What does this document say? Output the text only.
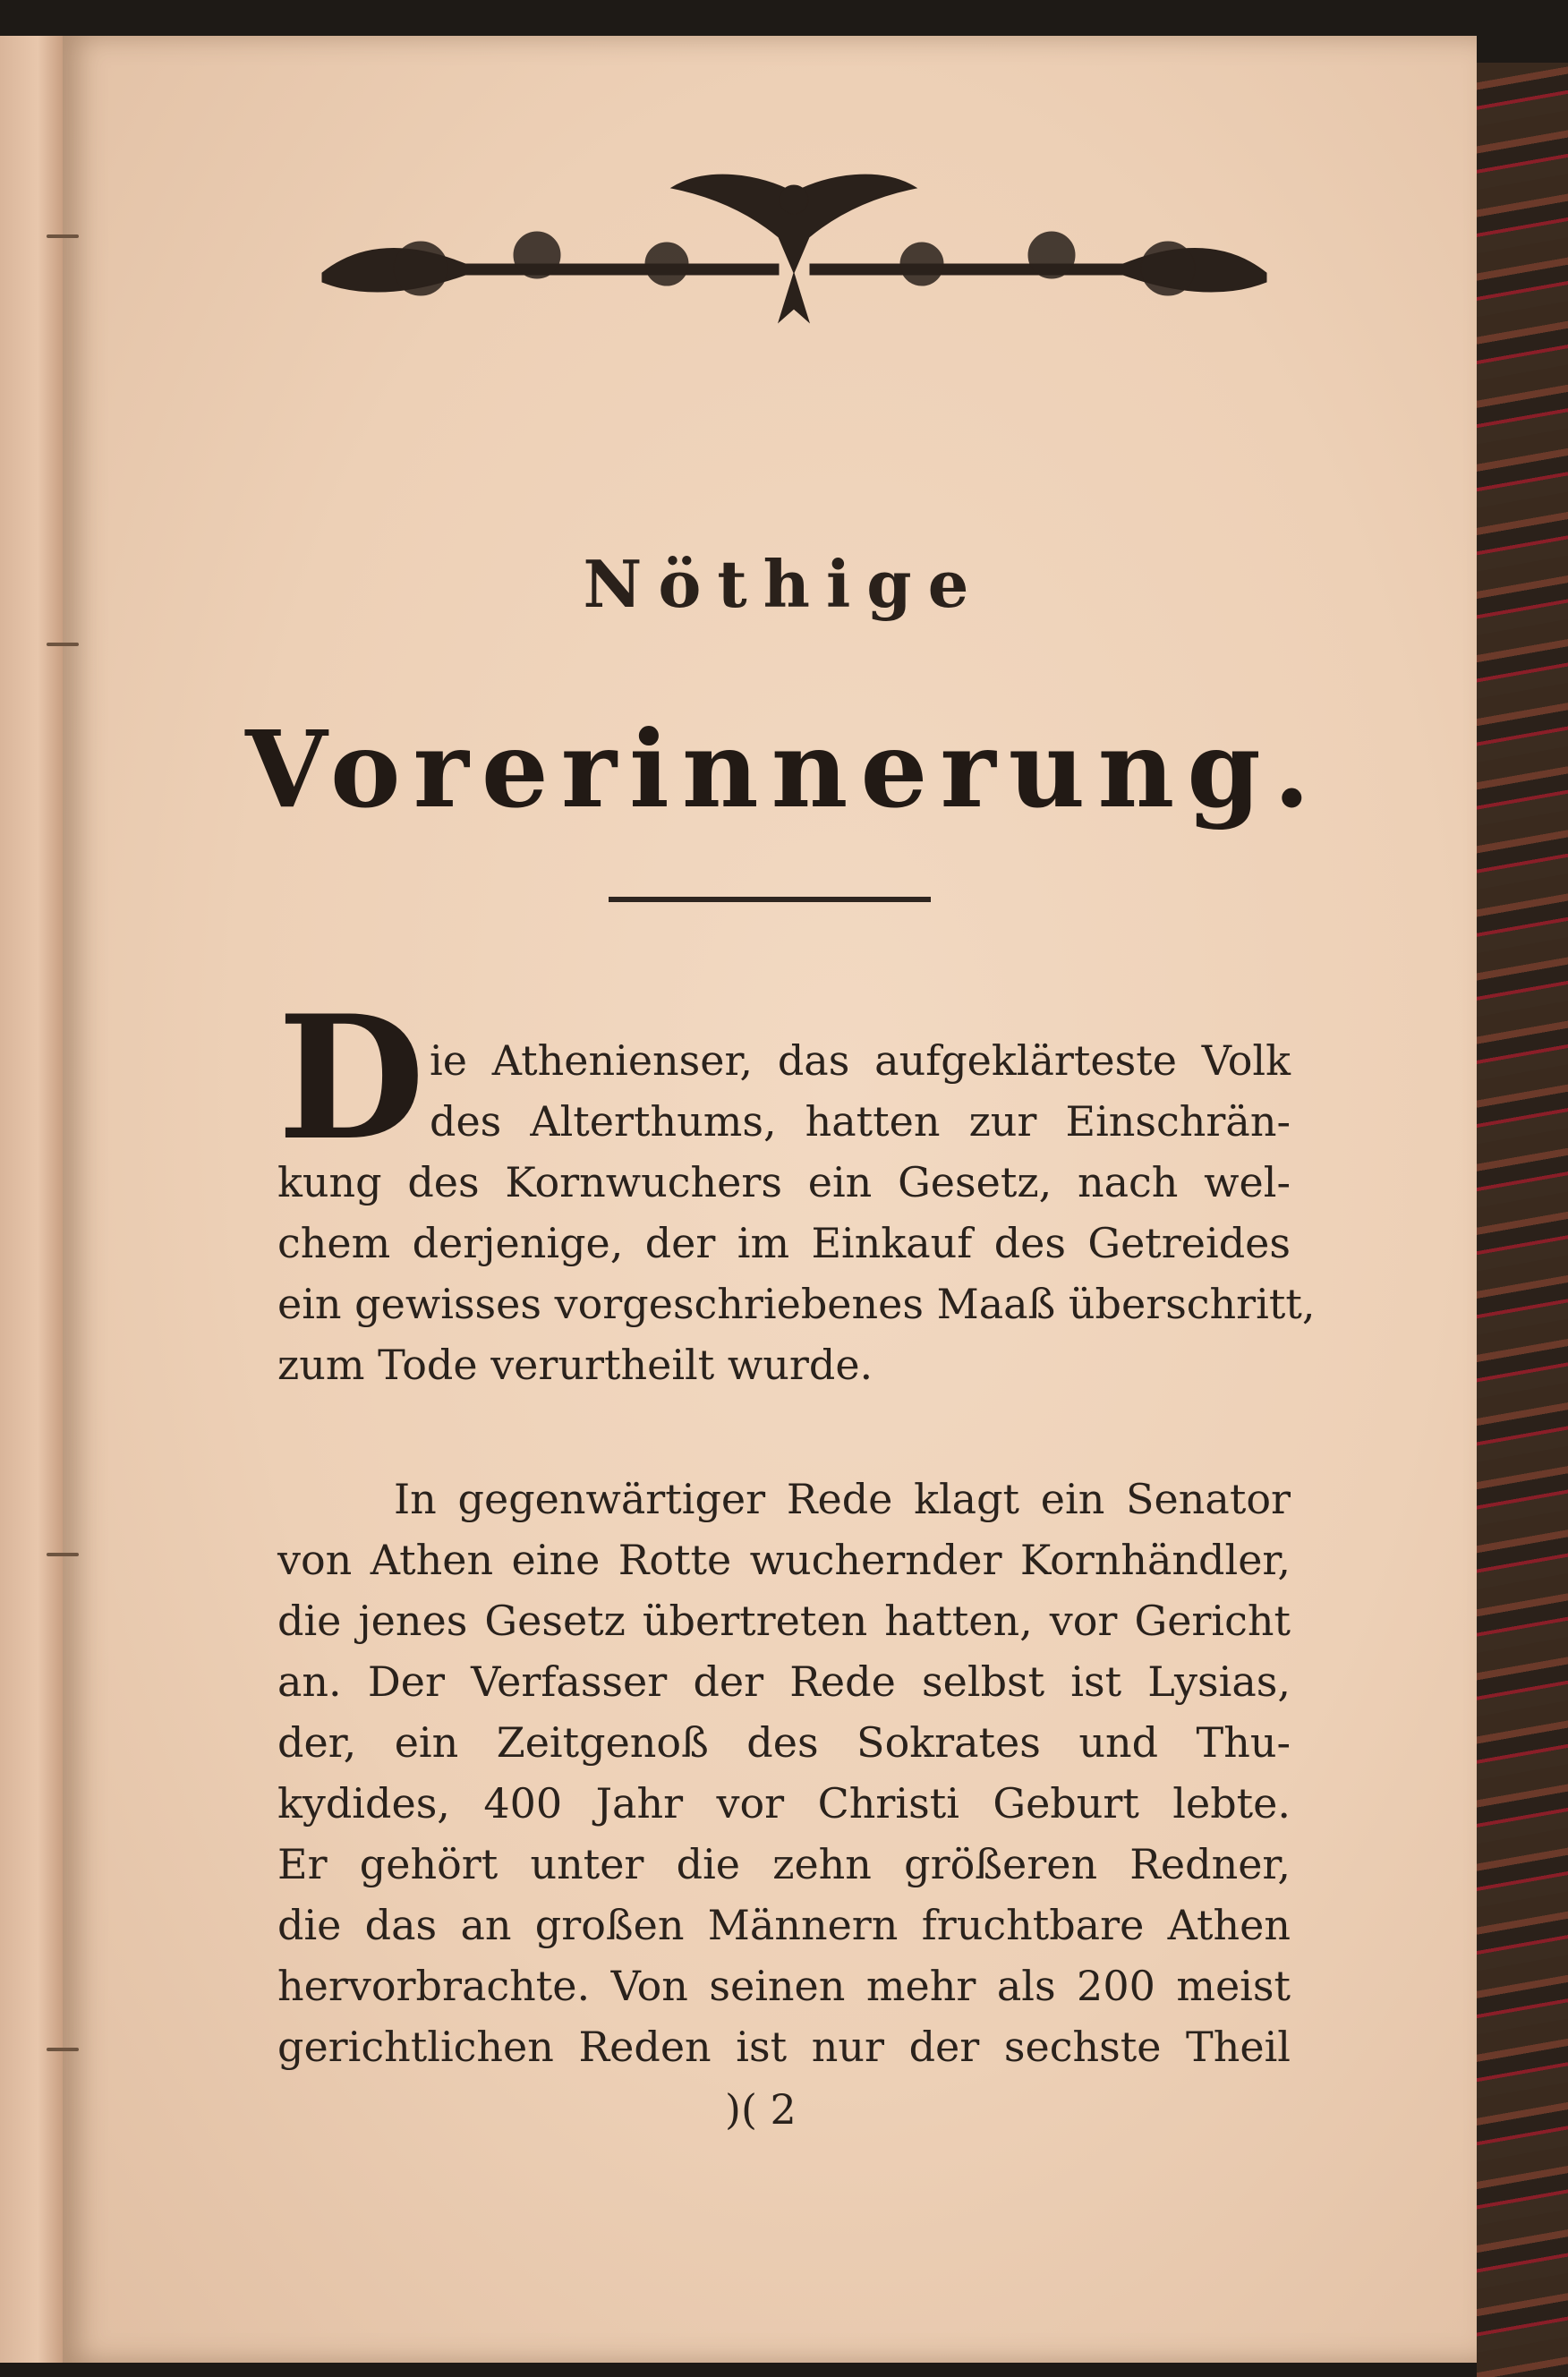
Nöthige
Vorerinnerung.
D ie Athenienser, das aufgeklärteste Volk
des Alterthums, hatten zur Einschrän-
kung des Kornwuchers ein Gesetz, nach wel-
chem derjenige, der im Einkauf des Getreides
ein gewisses vorgeschriebenes Maaß überschritt,
zum Tode verurtheilt wurde.
In gegenwärtiger Rede klagt ein Senator
von Athen eine Rotte wuchernder Kornhändler,
die jenes Gesetz übertreten hatten, vor Gericht
an. Der Verfasser der Rede selbst ist Lysias,
der, ein Zeitgenoß des Sokrates und Thu-
kydides, 400 Jahr vor Christi Geburt lebte.
Er gehört unter die zehn größeren Redner,
die das an großen Männern fruchtbare Athen
hervorbrachte. Von seinen mehr als 200 meist
gerichtlichen Reden ist nur der sechste Theil
)( 2
